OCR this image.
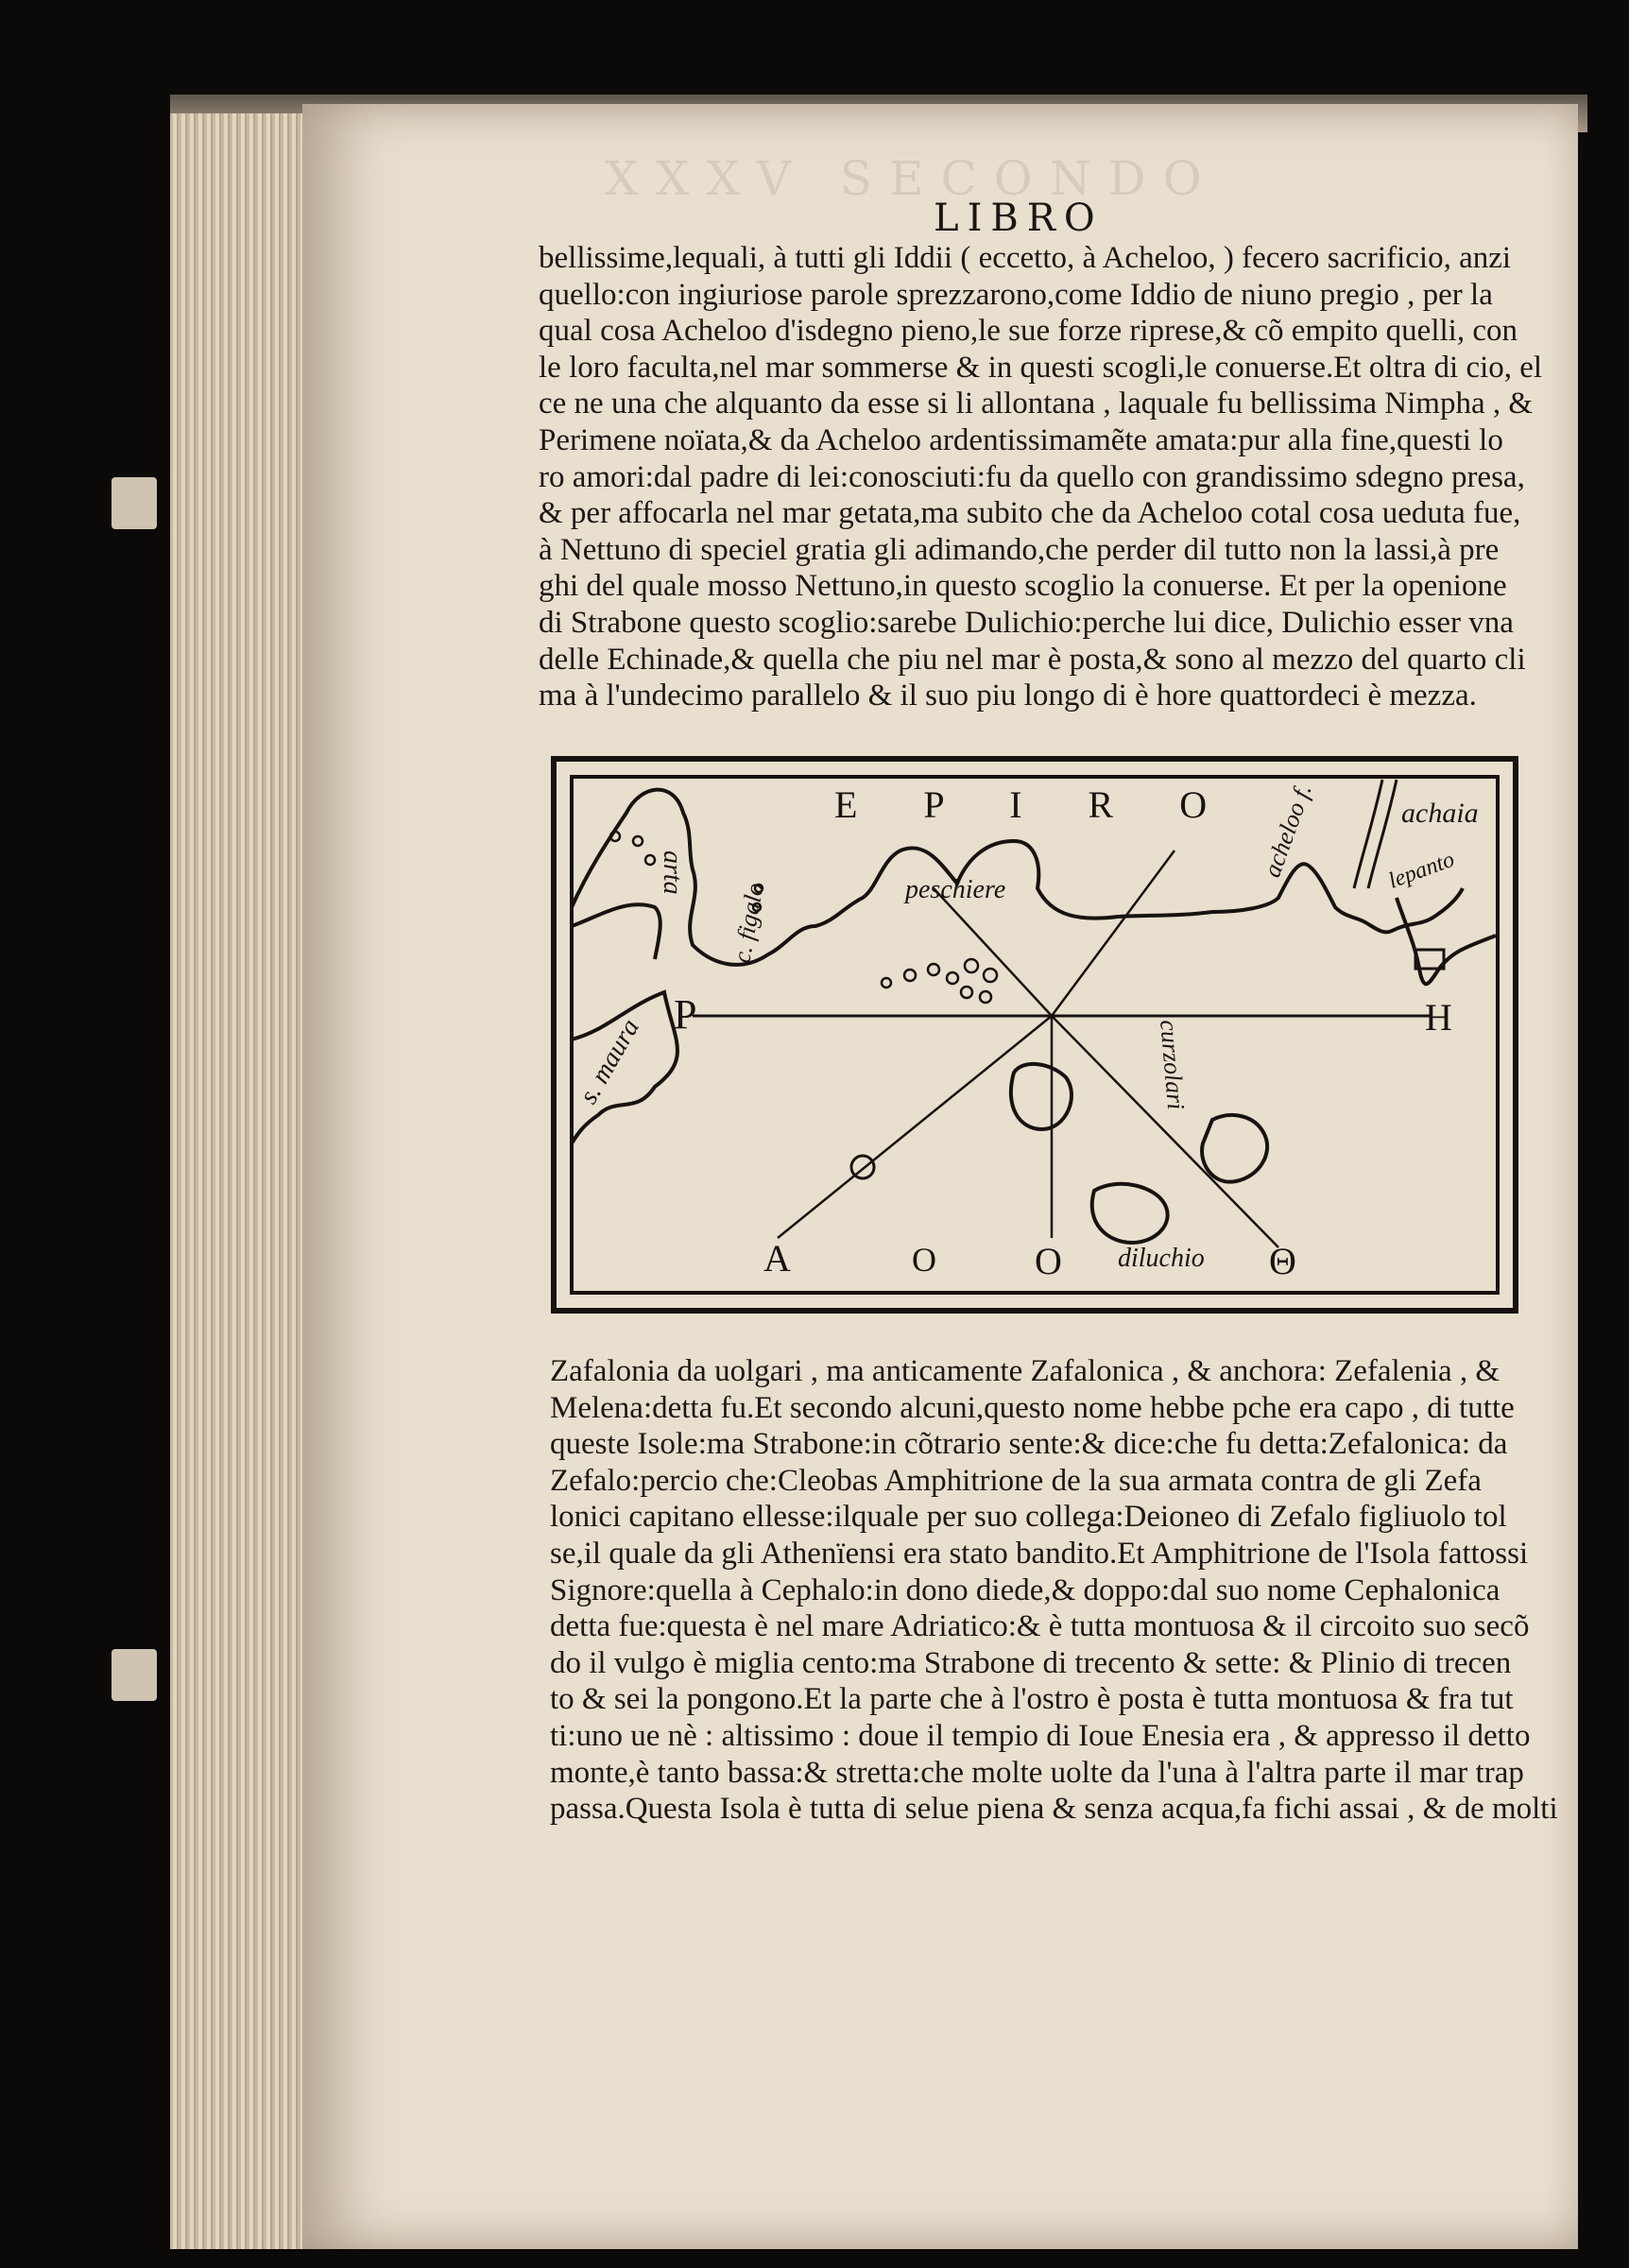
XXXV SECONDO
LIBRO
bellissime,lequali, à tutti gli Iddii ( eccetto, à Acheloo, ) fecero sacrificio, anzi
quello:con ingiuriose parole sprezzarono,come Iddio de niuno pregio , per la
qual cosa Acheloo d'isdegno pieno,le sue forze riprese,& cõ empito quelli, con
le loro faculta,nel mar sommerse & in questi scogli,le conuerse.Et oltra di cio, el
ce ne una che alquanto da esse si li allontana , laquale fu bellissima Nimpha , &
Perimene noïata,& da Acheloo ardentissimamẽte amata:pur alla fine,questi lo
ro amori:dal padre di lei:conosciuti:fu da quello con grandissimo sdegno presa,
& per affocarla nel mar getata,ma subito che da Acheloo cotal cosa ueduta fue,
à Nettuno di speciel gratia gli adimando,che perder dil tutto non la lassi,à pre
ghi del quale mosso Nettuno,in questo scoglio la conuerse. Et per la openione
di Strabone questo scoglio:sarebe Dulichio:perche lui dice, Dulichio esser vna
delle Echinade,& quella che piu nel mar è posta,& sono al mezzo del quarto cli
ma à l'undecimo parallelo & il suo piu longo di è hore quattordeci è mezza.
E P I R O
arta
c. figalo	peschiere
acheloo f.	achaia
lepanto
s. maura	curzolari
diluchio
P	H
A	O	O	Θ
Zafalonia da uolgari , ma anticamente Zafalonica , & anchora: Zefalenia , &
Melena:detta fu.Et secondo alcuni,questo nome hebbe pche era capo , di tutte
queste Isole:ma Strabone:in cõtrario sente:& dice:che fu detta:Zefalonica: da
Zefalo:percio che:Cleobas Amphitrione de la sua armata contra de gli Zefa
lonici capitano ellesse:ilquale per suo collega:Deioneo di Zefalo figliuolo tol
se,il quale da gli Athenïensi era stato bandito.Et Amphitrione de l'Isola fattossi
Signore:quella à Cephalo:in dono diede,& doppo:dal suo nome Cephalonica
detta fue:questa è nel mare Adriatico:& è tutta montuosa & il circoito suo secõ
do il vulgo è miglia cento:ma Strabone di trecento & sette: & Plinio di trecen
to & sei la pongono.Et la parte che à l'ostro è posta è tutta montuosa & fra tut
ti:uno ue nè : altissimo : doue il tempio di Ioue Enesia era , & appresso il detto
monte,è tanto bassa:& stretta:che molte uolte da l'una à l'altra parte il mar trap
passa.Questa Isola è tutta di selue piena & senza acqua,fa fichi assai , & de molti
